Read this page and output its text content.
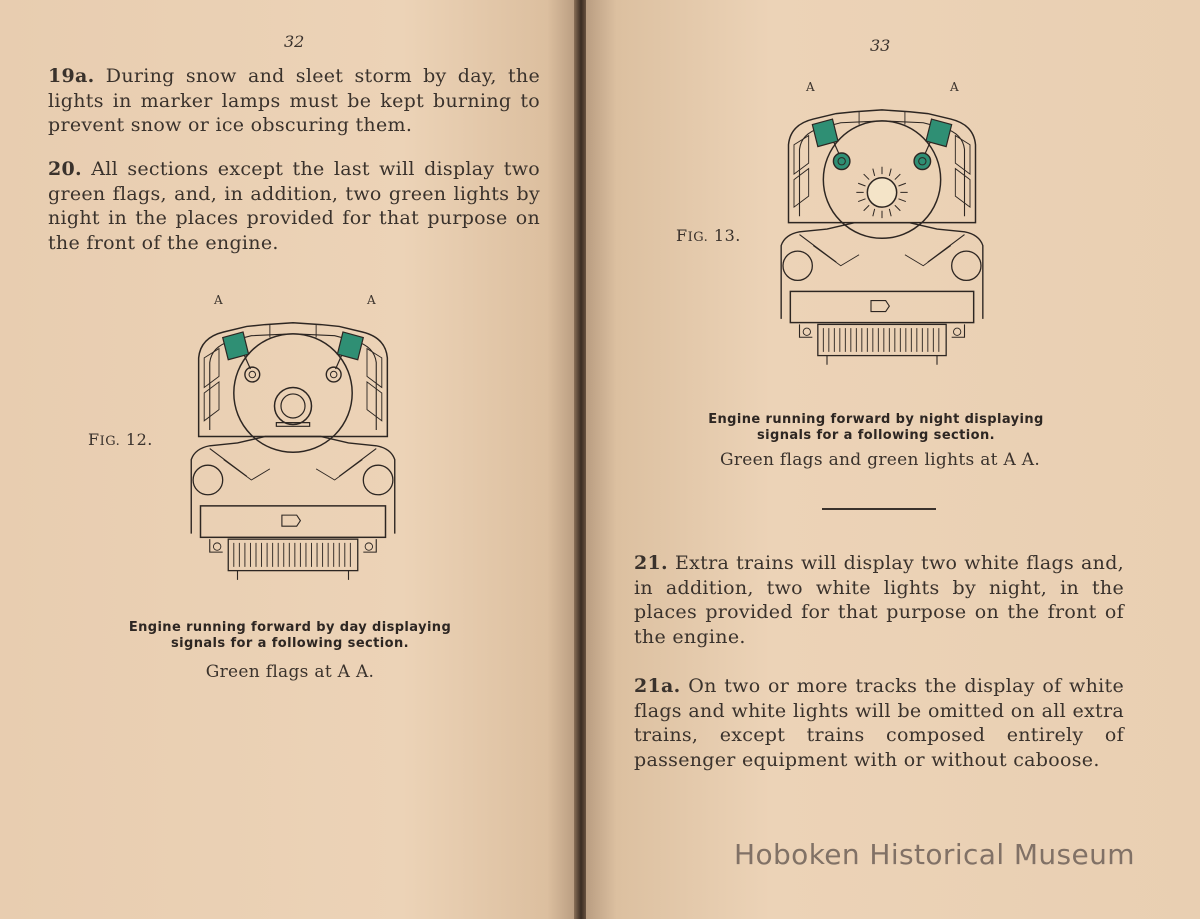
32
19a. During snow and sleet storm by day, the lights in marker lamps must be kept burning to prevent snow or ice obscuring them.
20. All sections except the last will display two green flags, and, in addition, two green lights by night in the places provided for that purpose on the front of the engine.
FIG. 12.
A	A
Engine running forward by day displaying
signals for a following section.
Green flags at A A.
33
A	A
FIG. 13.
Engine running forward by night displaying
signals for a following section.
Green flags and green lights at A A.
21. Extra trains will display two white flags and, in addition, two white lights by night, in the places provided for that purpose on the front of the engine.
21a. On two or more tracks the display of white flags and white lights will be omitted on all extra trains, except trains composed entirely of passenger equipment with or without caboose.
Hoboken Historical Museum
